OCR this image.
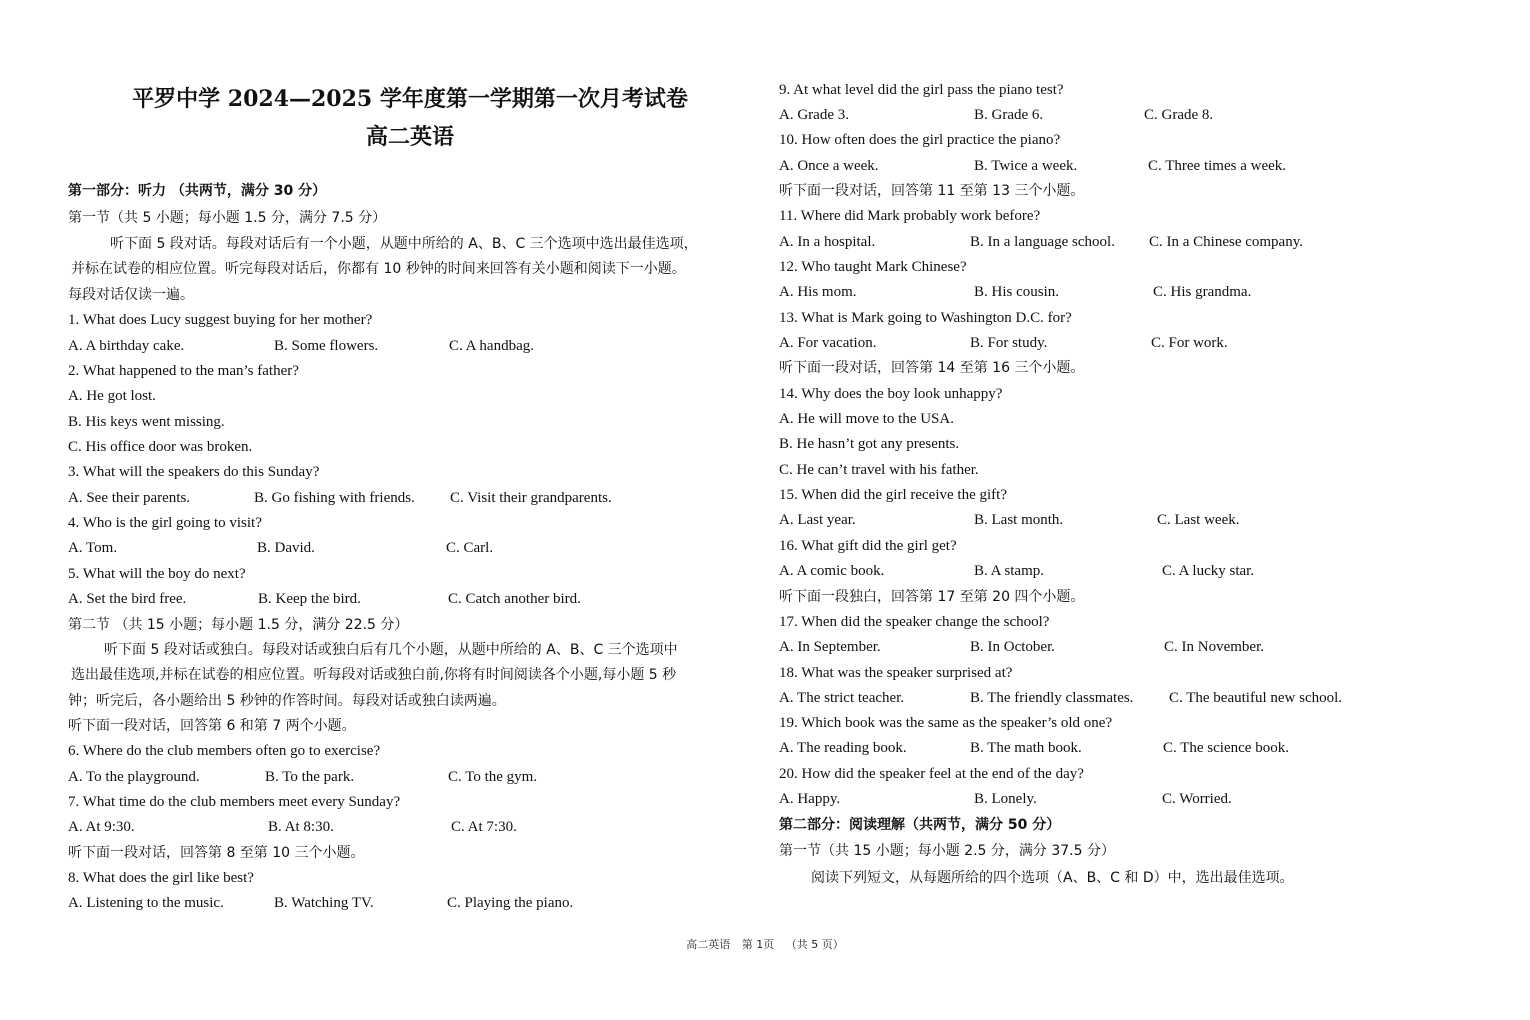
平罗中学 2024—2025 学年度第一学期第一次月考试卷
高二英语
第一部分：听力 （共两节，满分 30 分）
第一节（共 5 小题；每小题 1.5 分，满分 7.5 分）
听下面 5 段对话。每段对话后有一个小题，从题中所给的 A、B、C 三个选项中选出最佳选项，
并标在试卷的相应位置。听完每段对话后，你都有 10 秒钟的时间来回答有关小题和阅读下一小题。
每段对话仅读一遍。
1. What does Lucy suggest buying for her mother?
A. A birthday cake.	B. Some flowers.	C. A handbag.
2. What happened to the man’s father?
A. He got lost.
B. His keys went missing.
C. His office door was broken.
3. What will the speakers do this Sunday?
A. See their parents.	B. Go fishing with friends. C. Visit their grandparents.
4. Who is the girl going to visit?
A. Tom.	B. David.	C. Carl.
5. What will the boy do next?
A. Set the bird free.	B. Keep the bird.	C. Catch another bird.
第二节 （共 15 小题；每小题 1.5 分，满分 22.5 分）
听下面 5 段对话或独白。每段对话或独白后有几个小题，从题中所给的 A、B、C 三个选项中
选出最佳选项,并标在试卷的相应位置。听每段对话或独白前,你将有时间阅读各个小题,每小题 5 秒
钟；听完后，各小题给出 5 秒钟的作答时间。每段对话或独白读两遍。
听下面一段对话，回答第 6 和第 7 两个小题。
6. Where do the club members often go to exercise?
A. To the playground.	B. To the park.	C. To the gym.
7. What time do the club members meet every Sunday?
A. At 9:30.	B. At 8:30.	C. At 7:30.
听下面一段对话，回答第 8 至第 10 三个小题。
8. What does the girl like best?
A. Listening to the music.	B. Watching TV.	C. Playing the piano.
9. At what level did the girl pass the piano test?
A. Grade 3.	B. Grade 6.	C. Grade 8.
10. How often does the girl practice the piano?
A. Once a week.	B. Twice a week.	C. Three times a week.
听下面一段对话，回答第 11 至第 13 三个小题。
11. Where did Mark probably work before?
A. In a hospital.	B. In a language school. C. In a Chinese company.
12. Who taught Mark Chinese?
A. His mom.	B. His cousin.	C. His grandma.
13. What is Mark going to Washington D.C. for?
A. For vacation.	B. For study.	C. For work.
听下面一段对话，回答第 14 至第 16 三个小题。
14. Why does the boy look unhappy?
A. He will move to the USA.
B. He hasn’t got any presents.
C. He can’t travel with his father.
15. When did the girl receive the gift?
A. Last year.	B. Last month.	C. Last week.
16. What gift did the girl get?
A. A comic book.	B. A stamp.	C. A lucky star.
听下面一段独白，回答第 17 至第 20 四个小题。
17. When did the speaker change the school?
A. In September.	B. In October.	C. In November.
18. What was the speaker surprised at?
A. The strict teacher.	B. The friendly classmates. C. The beautiful new school.
19. Which book was the same as the speaker’s old one?
A. The reading book.	B. The math book.	C. The science book.
20. How did the speaker feel at the end of the day?
A. Happy.	B. Lonely.	C. Worried.
第二部分：阅读理解（共两节，满分 50 分）
第一节（共 15 小题；每小题 2.5 分，满分 37.5 分）
阅读下列短文，从每题所给的四个选项（A、B、C 和 D）中，选出最佳选项。
高二英语 第 1页 （共 5 页）
